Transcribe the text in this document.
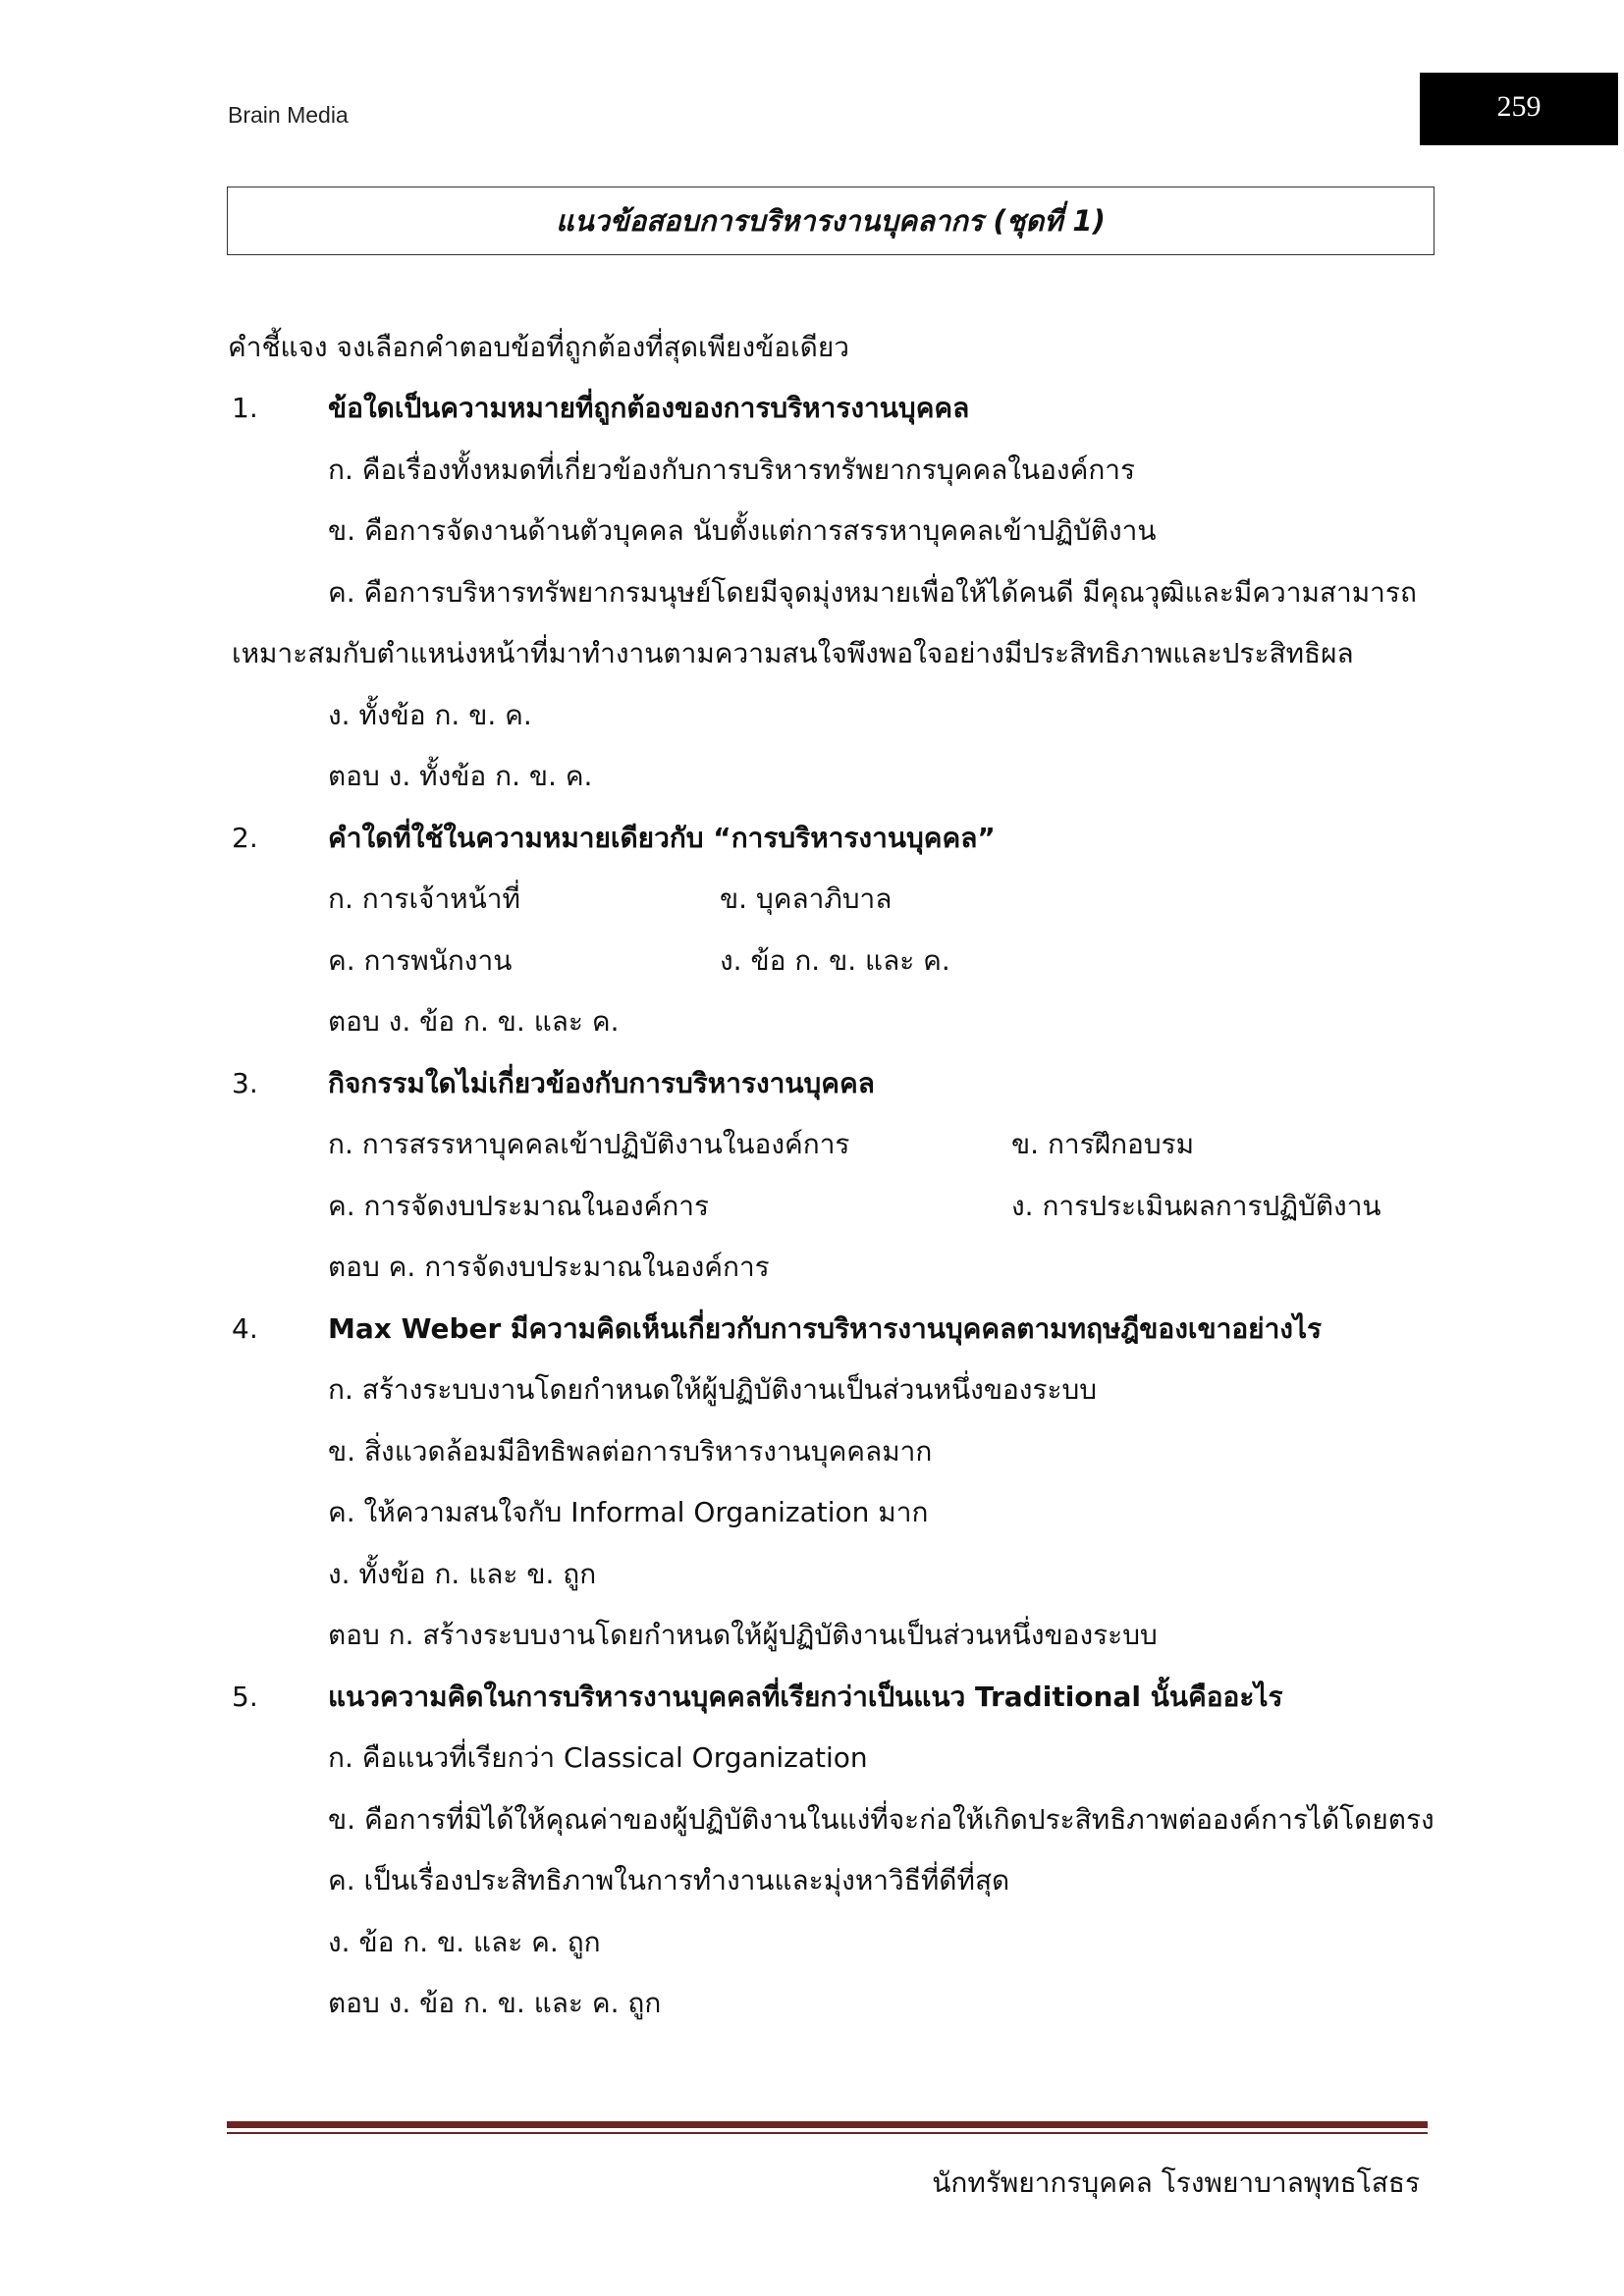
Brain Media	259
แนวข้อสอบการบริหารงานบุคลากร (ชุดที่ 1)
คำชี้แจง จงเลือกคำตอบข้อที่ถูกต้องที่สุดเพียงข้อเดียว
1.	ข้อใดเป็นความหมายที่ถูกต้องของการบริหารงานบุคคล
ก. คือเรื่องทั้งหมดที่เกี่ยวข้องกับการบริหารทรัพยากรบุคคลในองค์การ
ข. คือการจัดงานด้านตัวบุคคล นับตั้งแต่การสรรหาบุคคลเข้าปฏิบัติงาน
ค. คือการบริหารทรัพยากรมนุษย์โดยมีจุดมุ่งหมายเพื่อให้ได้คนดี มีคุณวุฒิและมีความสามารถ
เหมาะสมกับตำแหน่งหน้าที่มาทำงานตามความสนใจพึงพอใจอย่างมีประสิทธิภาพและประสิทธิผล
ง. ทั้งข้อ ก. ข. ค.
ตอบ ง. ทั้งข้อ ก. ข. ค.
2.	คำใดที่ใช้ในความหมายเดียวกับ “การบริหารงานบุคคล”
ก. การเจ้าหน้าที่	ข. บุคลาภิบาล
ค. การพนักงาน	ง. ข้อ ก. ข. และ ค.
ตอบ ง. ข้อ ก. ข. และ ค.
3.	กิจกรรมใดไม่เกี่ยวข้องกับการบริหารงานบุคคล
ก. การสรรหาบุคคลเข้าปฏิบัติงานในองค์การ	ข. การฝึกอบรม
ค. การจัดงบประมาณในองค์การ	ง. การประเมินผลการปฏิบัติงาน
ตอบ ค. การจัดงบประมาณในองค์การ
4.	Max Weber มีความคิดเห็นเกี่ยวกับการบริหารงานบุคคลตามทฤษฎีของเขาอย่างไร
ก. สร้างระบบงานโดยกำหนดให้ผู้ปฏิบัติงานเป็นส่วนหนึ่งของระบบ
ข. สิ่งแวดล้อมมีอิทธิพลต่อการบริหารงานบุคคลมาก
ค. ให้ความสนใจกับ Informal Organization มาก
ง. ทั้งข้อ ก. และ ข. ถูก
ตอบ ก. สร้างระบบงานโดยกำหนดให้ผู้ปฏิบัติงานเป็นส่วนหนึ่งของระบบ
5.	แนวความคิดในการบริหารงานบุคคลที่เรียกว่าเป็นแนว Traditional นั้นคืออะไร
ก. คือแนวที่เรียกว่า Classical Organization
ข. คือการที่มิได้ให้คุณค่าของผู้ปฏิบัติงานในแง่ที่จะก่อให้เกิดประสิทธิภาพต่อองค์การได้โดยตรง
ค. เป็นเรื่องประสิทธิภาพในการทำงานและมุ่งหาวิธีที่ดีที่สุด
ง. ข้อ ก. ข. และ ค. ถูก
ตอบ ง. ข้อ ก. ข. และ ค. ถูก
นักทรัพยากรบุคคล โรงพยาบาลพุทธโสธร
